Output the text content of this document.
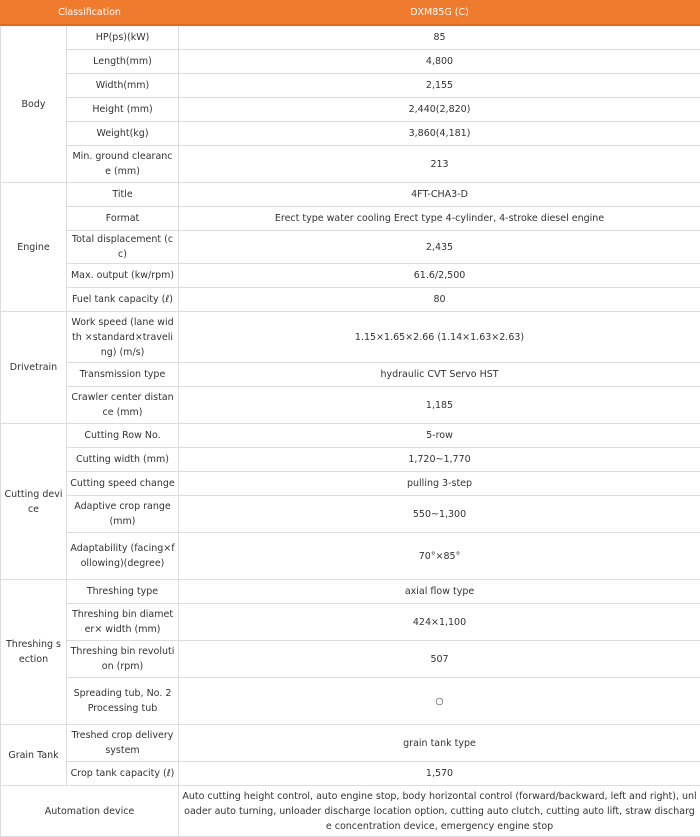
Classification		DXM85G (C)
Body	HP(ps)(kW)	85
	Length(mm)	4,800
	Width(mm)	2,155
	Height (mm)	2,440(2,820)
	Weight(kg)	3,860(4,181)
	Min. ground clearance (mm)	213
Engine	Title	4FT-CHA3-D
	Format	Erect type water cooling Erect type 4-cylinder, 4-stroke diesel engine
	Total displacement (cc)	2,435
	Max. output (kw/rpm)	61.6/2,500
	Fuel tank capacity (ℓ)	80
Drivetrain	Work speed (lane width ×standard×traveling) (m/s)	1.15×1.65×2.66 (1.14×1.63×2.63)
	Transmission type	hydraulic CVT Servo HST
	Crawler center distance (mm)	1,185
Cutting device	Cutting Row No.	5-row
	Cutting width (mm)	1,720~1,770
	Cutting speed change	pulling 3-step
	Adaptive crop range (mm)	550~1,300
	Adaptability (facing×following)(degree)	70°×85°
Threshing section	Threshing type	axial flow type
	Threshing bin diameter× width (mm)	424×1,100
	Threshing bin revolution (rpm)	507
	Spreading tub, No. 2 Processing tub	○
Grain Tank	Treshed crop delivery system	grain tank type
	Crop tank capacity (ℓ)	1,570
Automation device		Auto cutting height control, auto engine stop, body horizontal control (forward/backward, left and right), unloader auto turning, unloader discharge location option, cutting auto clutch, cutting auto lift, straw discharge concentration device, emergency engine stop
